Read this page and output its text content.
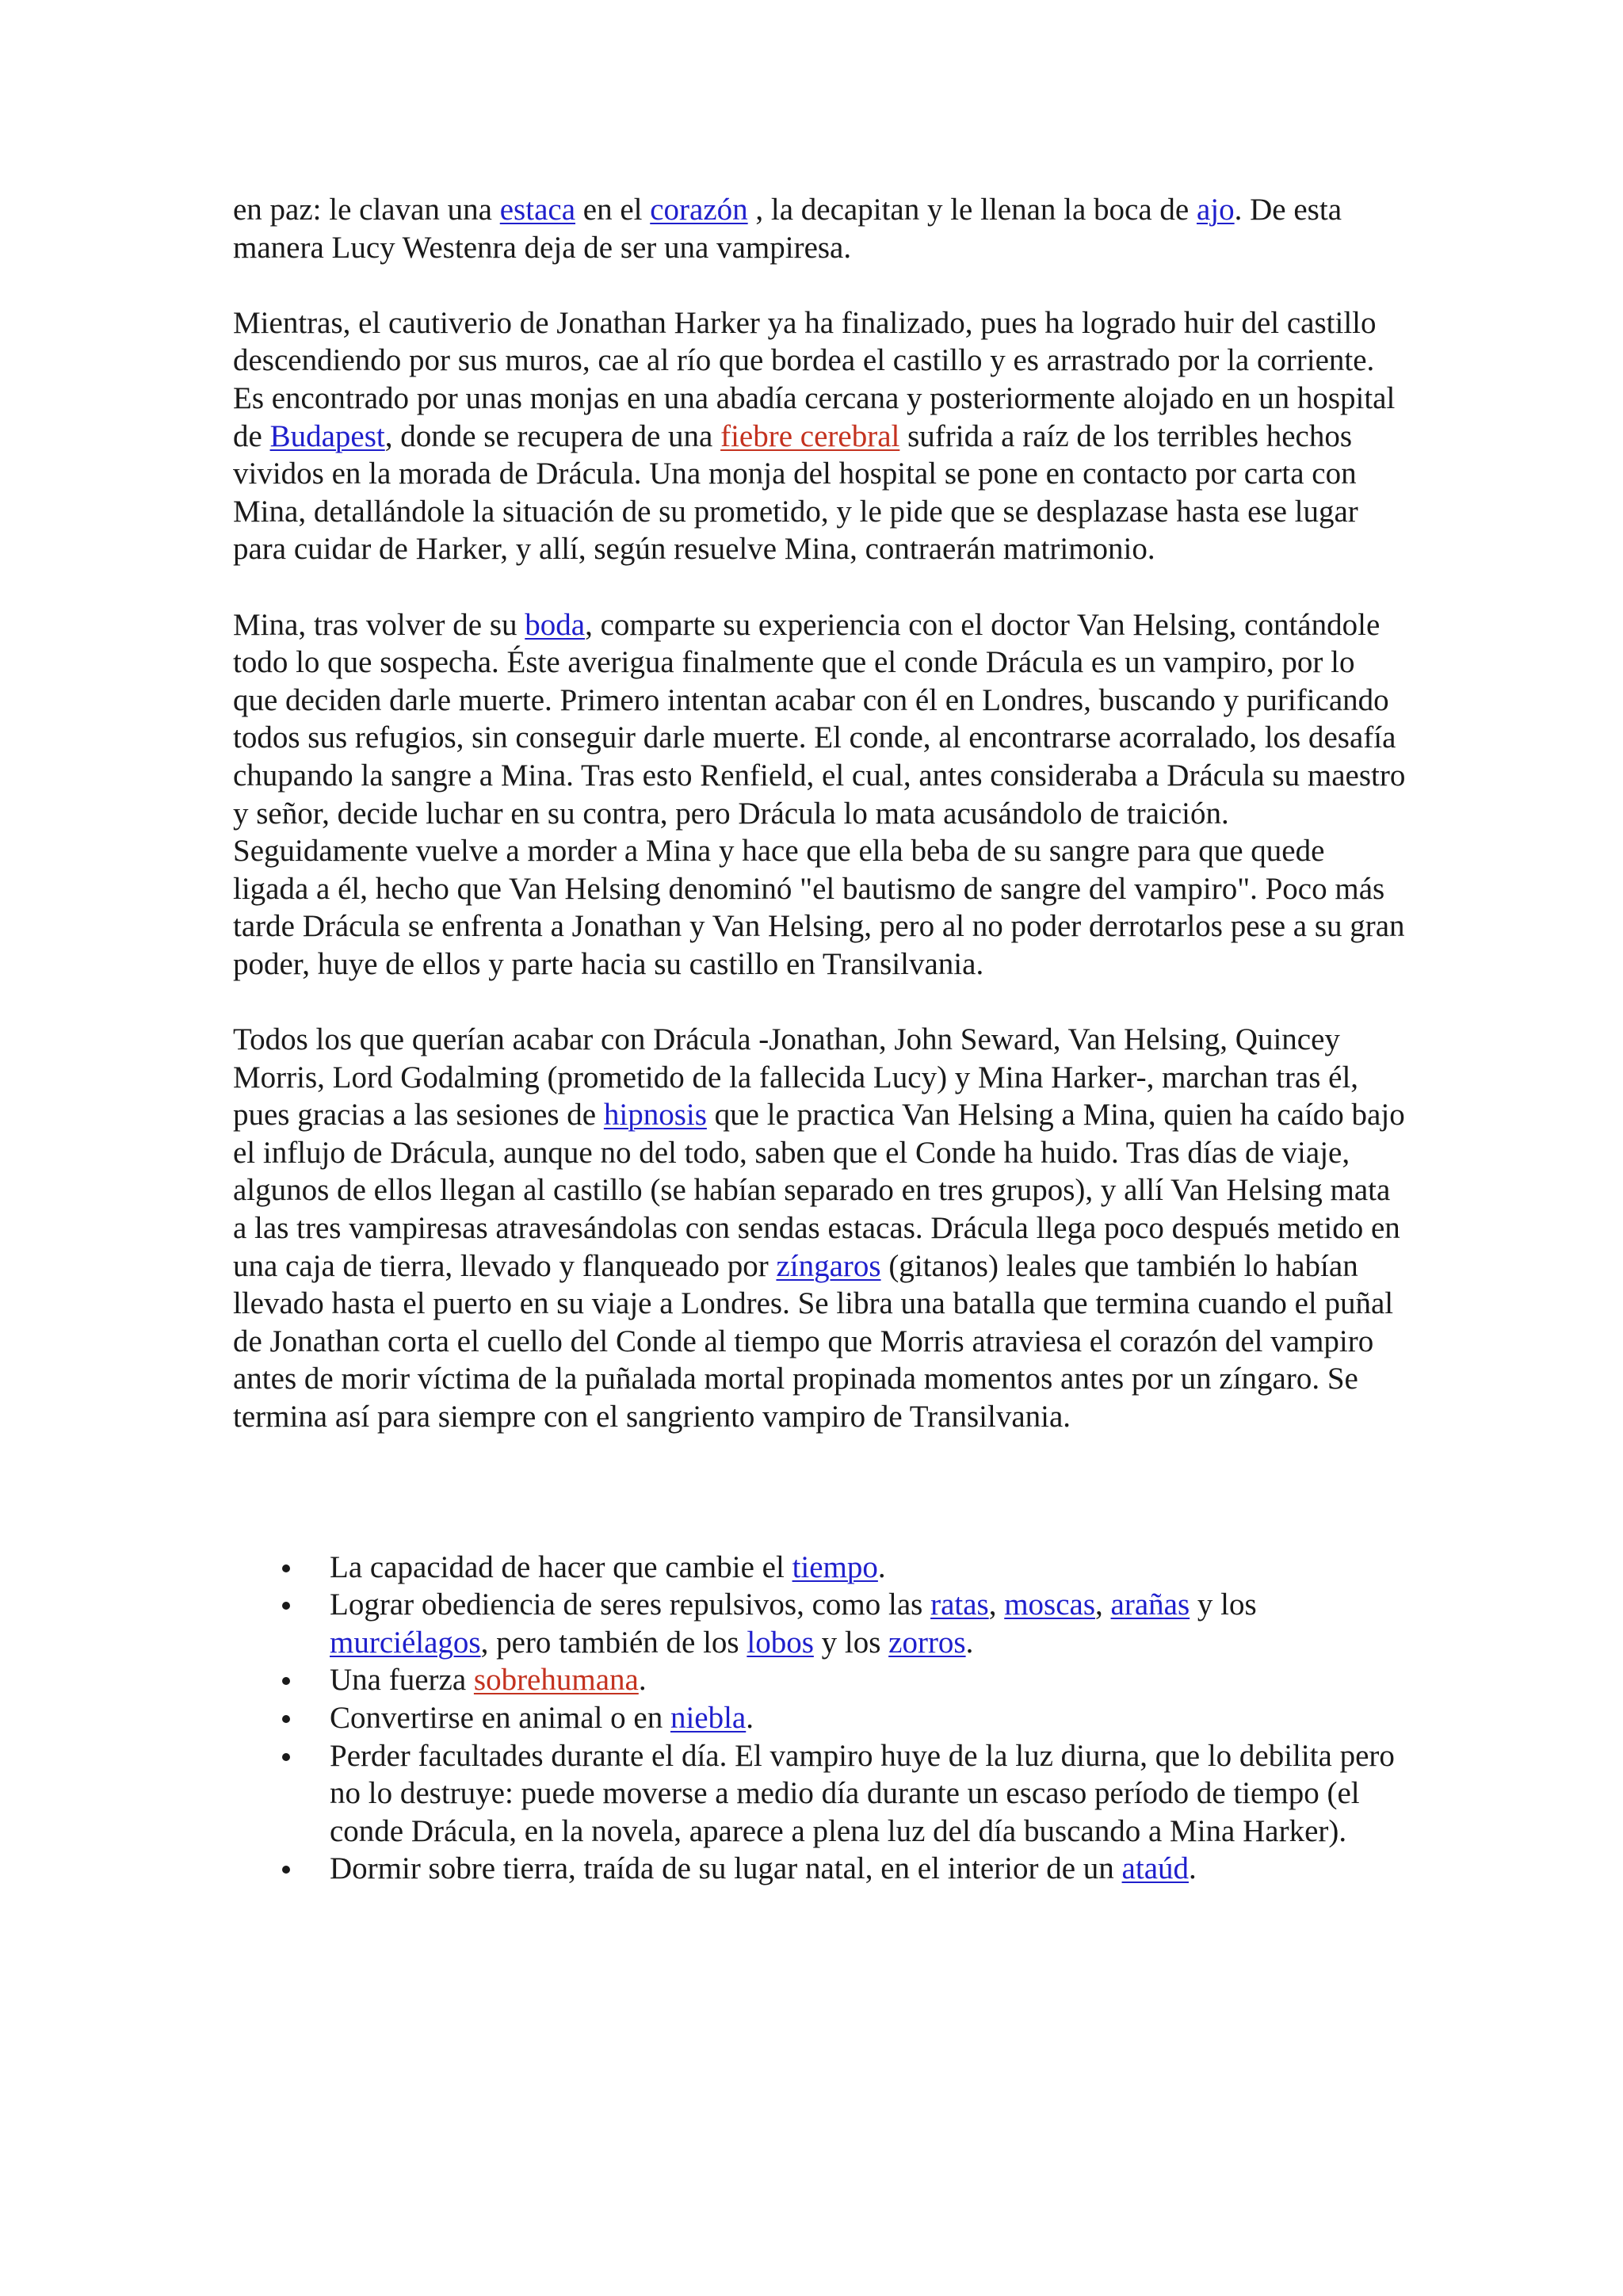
en paz: le clavan una estaca en el corazón , la decapitan y le llenan la boca de ajo. De esta manera Lucy Westenra deja de ser una vampiresa.

Mientras, el cautiverio de Jonathan Harker ya ha finalizado, pues ha logrado huir del castillo descendiendo por sus muros, cae al río que bordea el castillo y es arrastrado por la corriente. Es encontrado por unas monjas en una abadía cercana y posteriormente alojado en un hospital de Budapest, donde se recupera de una fiebre cerebral sufrida a raíz de los terribles hechos vividos en la morada de Drácula. Una monja del hospital se pone en contacto por carta con Mina, detallándole la situación de su prometido, y le pide que se desplazase hasta ese lugar para cuidar de Harker, y allí, según resuelve Mina, contraerán matrimonio.

Mina, tras volver de su boda, comparte su experiencia con el doctor Van Helsing, contándole todo lo que sospecha. Éste averigua finalmente que el conde Drácula es un vampiro, por lo que deciden darle muerte. Primero intentan acabar con él en Londres, buscando y purificando todos sus refugios, sin conseguir darle muerte. El conde, al encontrarse acorralado, los desafía chupando la sangre a Mina. Tras esto Renfield, el cual, antes consideraba a Drácula su maestro y señor, decide luchar en su contra, pero Drácula lo mata acusándolo de traición. Seguidamente vuelve a morder a Mina y hace que ella beba de su sangre para que quede ligada a él, hecho que Van Helsing denominó "el bautismo de sangre del vampiro". Poco más tarde Drácula se enfrenta a Jonathan y Van Helsing, pero al no poder derrotarlos pese a su gran poder, huye de ellos y parte hacia su castillo en Transilvania.

Todos los que querían acabar con Drácula -Jonathan, John Seward, Van Helsing, Quincey Morris, Lord Godalming (prometido de la fallecida Lucy) y Mina Harker-, marchan tras él, pues gracias a las sesiones de hipnosis que le practica Van Helsing a Mina, quien ha caído bajo el influjo de Drácula, aunque no del todo, saben que el Conde ha huido. Tras días de viaje, algunos de ellos llegan al castillo (se habían separado en tres grupos), y allí Van Helsing mata a las tres vampiresas atravesándolas con sendas estacas. Drácula llega poco después metido en una caja de tierra, llevado y flanqueado por zíngaros (gitanos) leales que también lo habían llevado hasta el puerto en su viaje a Londres. Se libra una batalla que termina cuando el puñal de Jonathan corta el cuello del Conde al tiempo que Morris atraviesa el corazón del vampiro antes de morir víctima de la puñalada mortal propinada momentos antes por un zíngaro. Se termina así para siempre con el sangriento vampiro de Transilvania.

La capacidad de hacer que cambie el tiempo.
Lograr obediencia de seres repulsivos, como las ratas, moscas, arañas y los murciélagos, pero también de los lobos y los zorros.
Una fuerza sobrehumana.
Convertirse en animal o en niebla.
Perder facultades durante el día. El vampiro huye de la luz diurna, que lo debilita pero no lo destruye: puede moverse a medio día durante un escaso período de tiempo (el conde Drácula, en la novela, aparece a plena luz del día buscando a Mina Harker).
Dormir sobre tierra, traída de su lugar natal, en el interior de un ataúd.
